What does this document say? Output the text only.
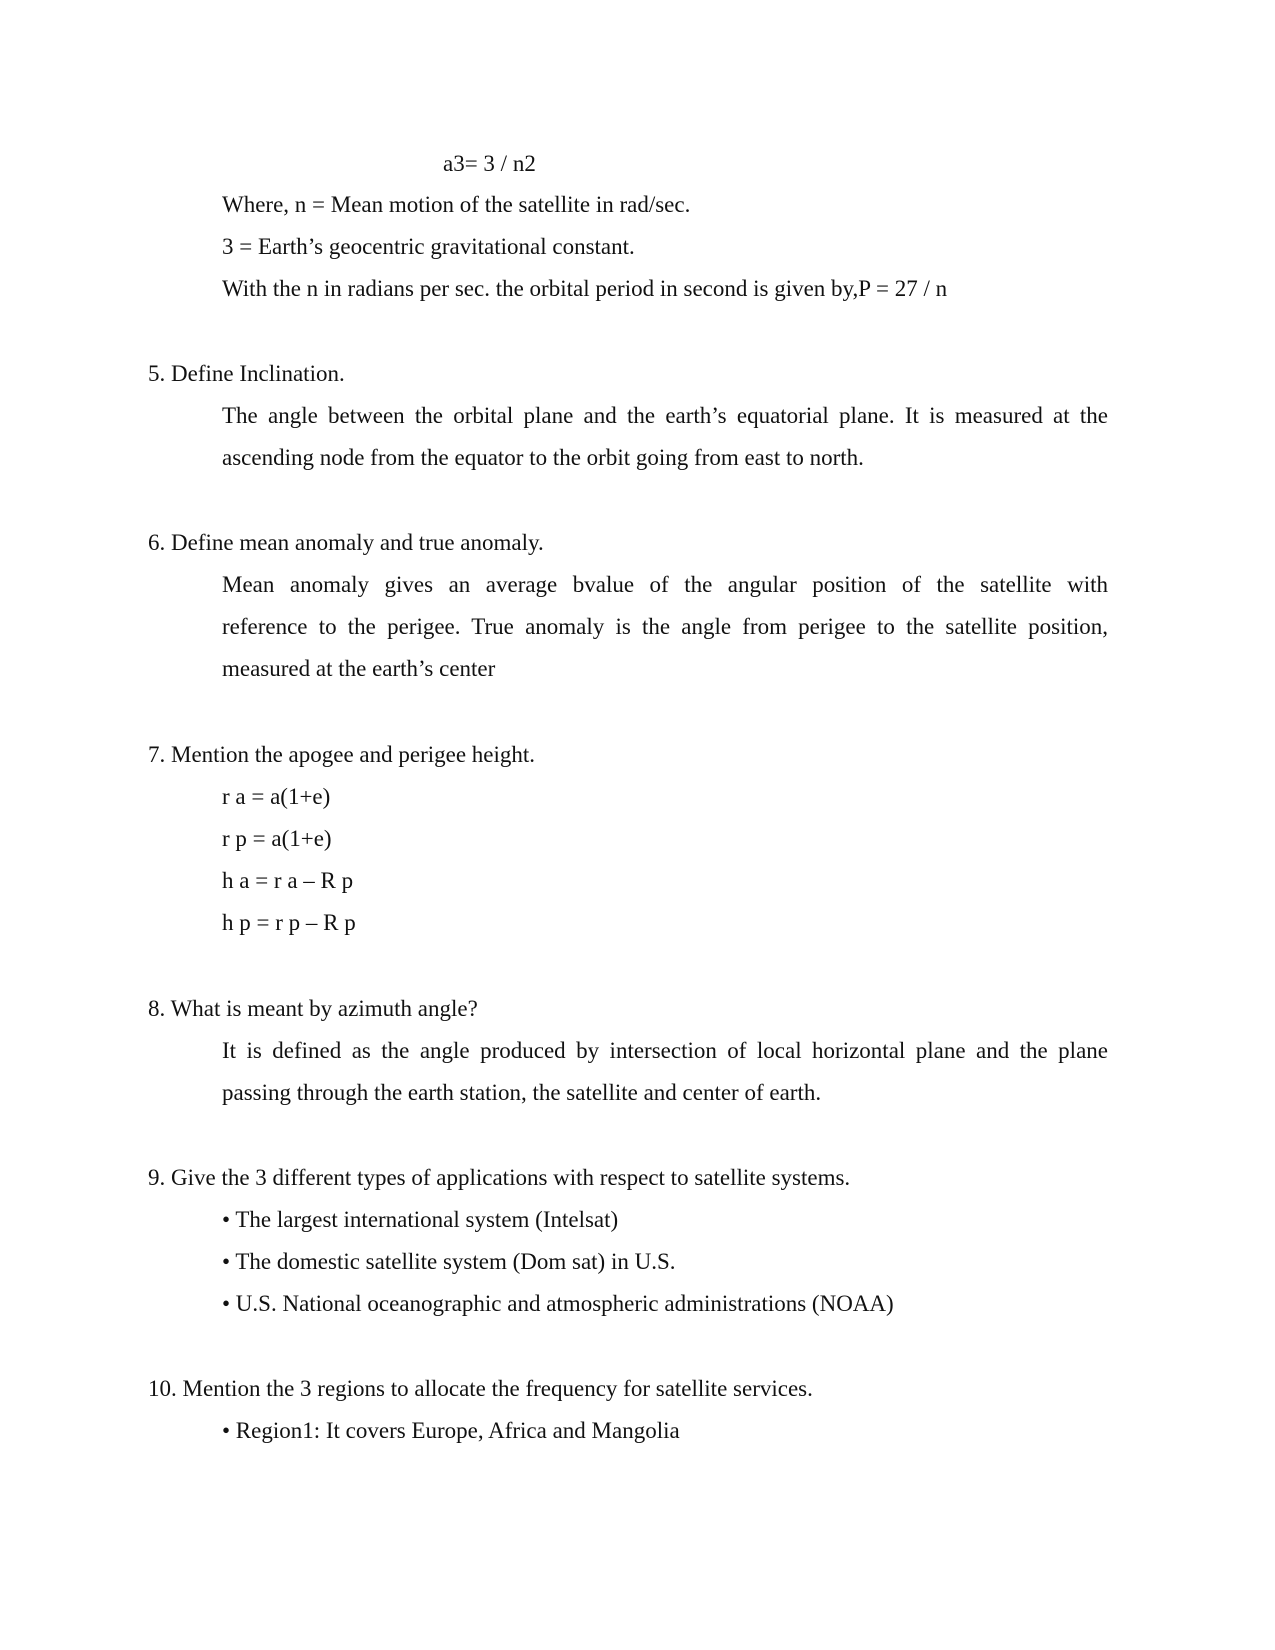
a3= 3 / n2
Where, n = Mean motion of the satellite in rad/sec.
3 = Earth’s geocentric gravitational constant.
With the n in radians per sec. the orbital period in second is given by,P = 27 / n
5. Define Inclination.
The angle between the orbital plane and the earth’s equatorial plane. It is measured at the
ascending node from the equator to the orbit going from east to north.
6. Define mean anomaly and true anomaly.
Mean anomaly gives an average bvalue of the angular position of the satellite with
reference to the perigee. True anomaly is the angle from perigee to the satellite position,
measured at the earth’s center
7. Mention the apogee and perigee height.
r a = a(1+e)
r p = a(1+e)
h a = r a – R p
h p = r p – R p
8. What is meant by azimuth angle?
It is defined as the angle produced by intersection of local horizontal plane and the plane
passing through the earth station, the satellite and center of earth.
9. Give the 3 different types of applications with respect to satellite systems.
• The largest international system (Intelsat)
• The domestic satellite system (Dom sat) in U.S.
• U.S. National oceanographic and atmospheric administrations (NOAA)
10. Mention the 3 regions to allocate the frequency for satellite services.
• Region1: It covers Europe, Africa and Mangolia
